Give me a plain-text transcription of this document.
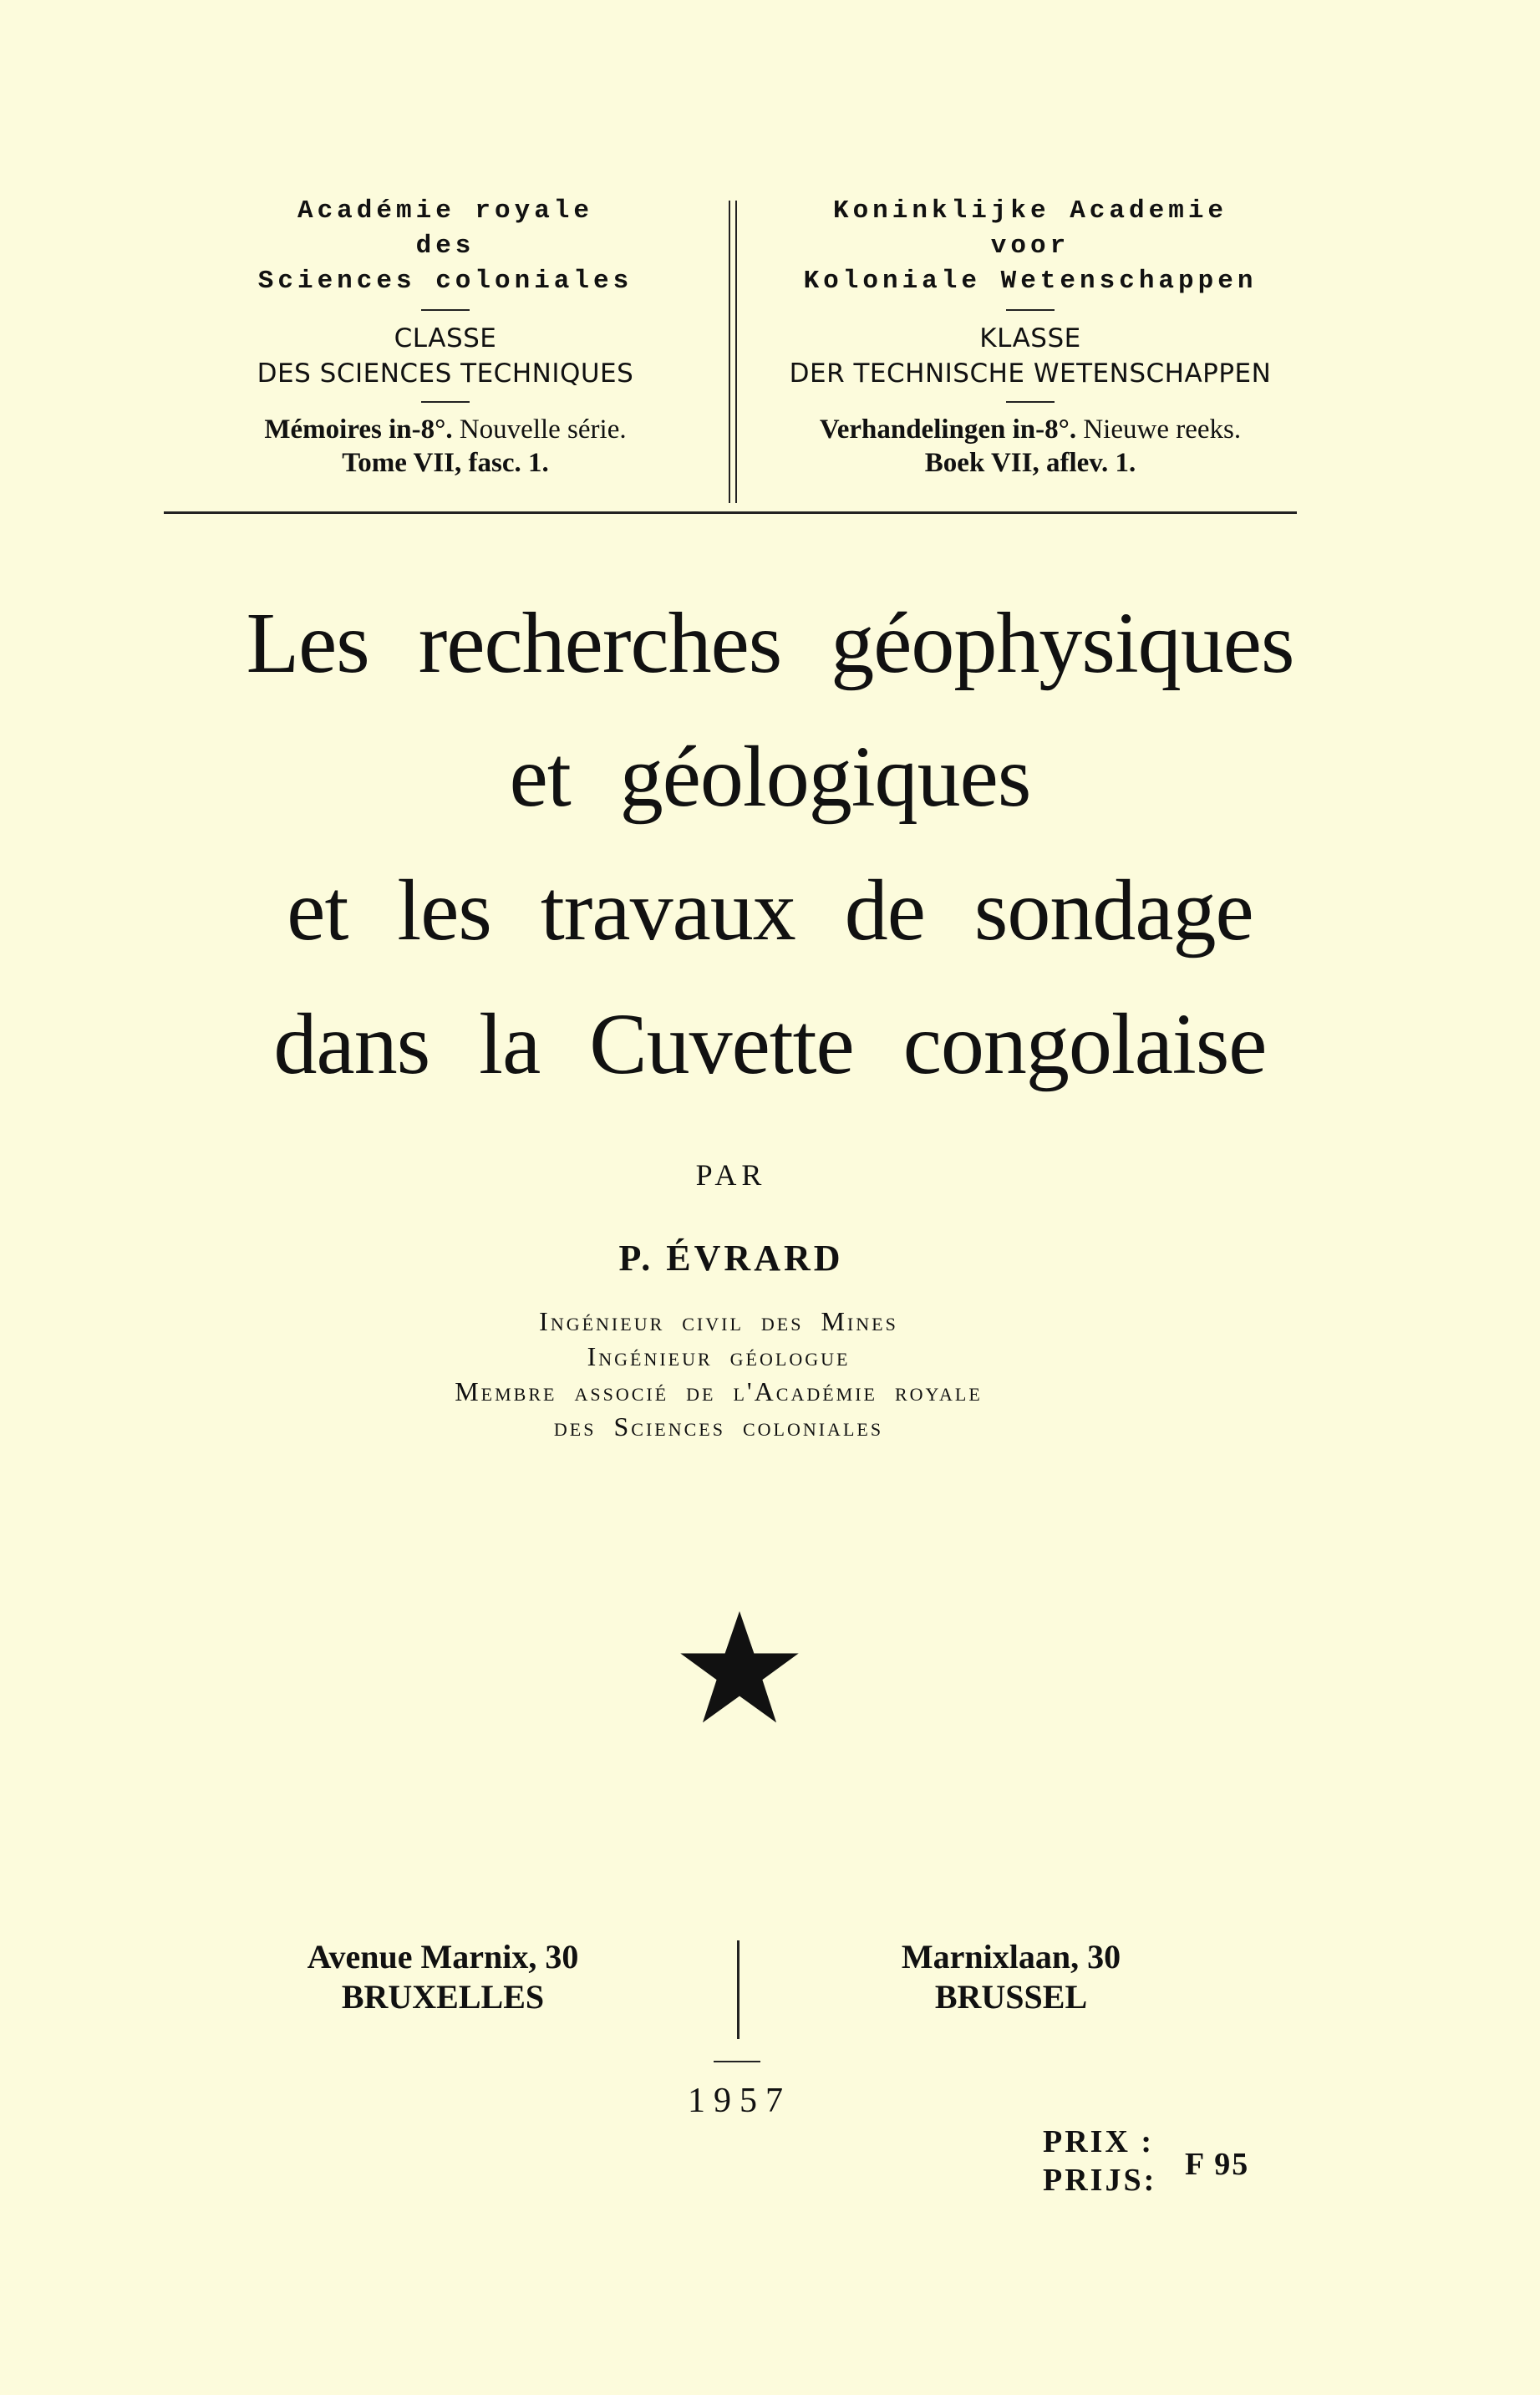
Académie royale
des
Sciences coloniales
CLASSE
DES SCIENCES TECHNIQUES
Mémoires in-8°. Nouvelle série.
Tome VII, fasc. 1.
Koninklijke Academie
voor
Koloniale Wetenschappen
KLASSE
DER TECHNISCHE WETENSCHAPPEN
Verhandelingen in-8°. Nieuwe reeks.
Boek VII, aflev. 1.
Les recherches géophysiques
et géologiques
et les travaux de sondage
dans la Cuvette congolaise
PAR
P. ÉVRARD
Ingénieur civil des Mines
Ingénieur géologue
Membre associé de l'Académie royale
des Sciences coloniales
Avenue Marnix, 30
BRUXELLES
Marnixlaan, 30
BRUSSEL
1957
PRIX :
PRIJS: F 95
